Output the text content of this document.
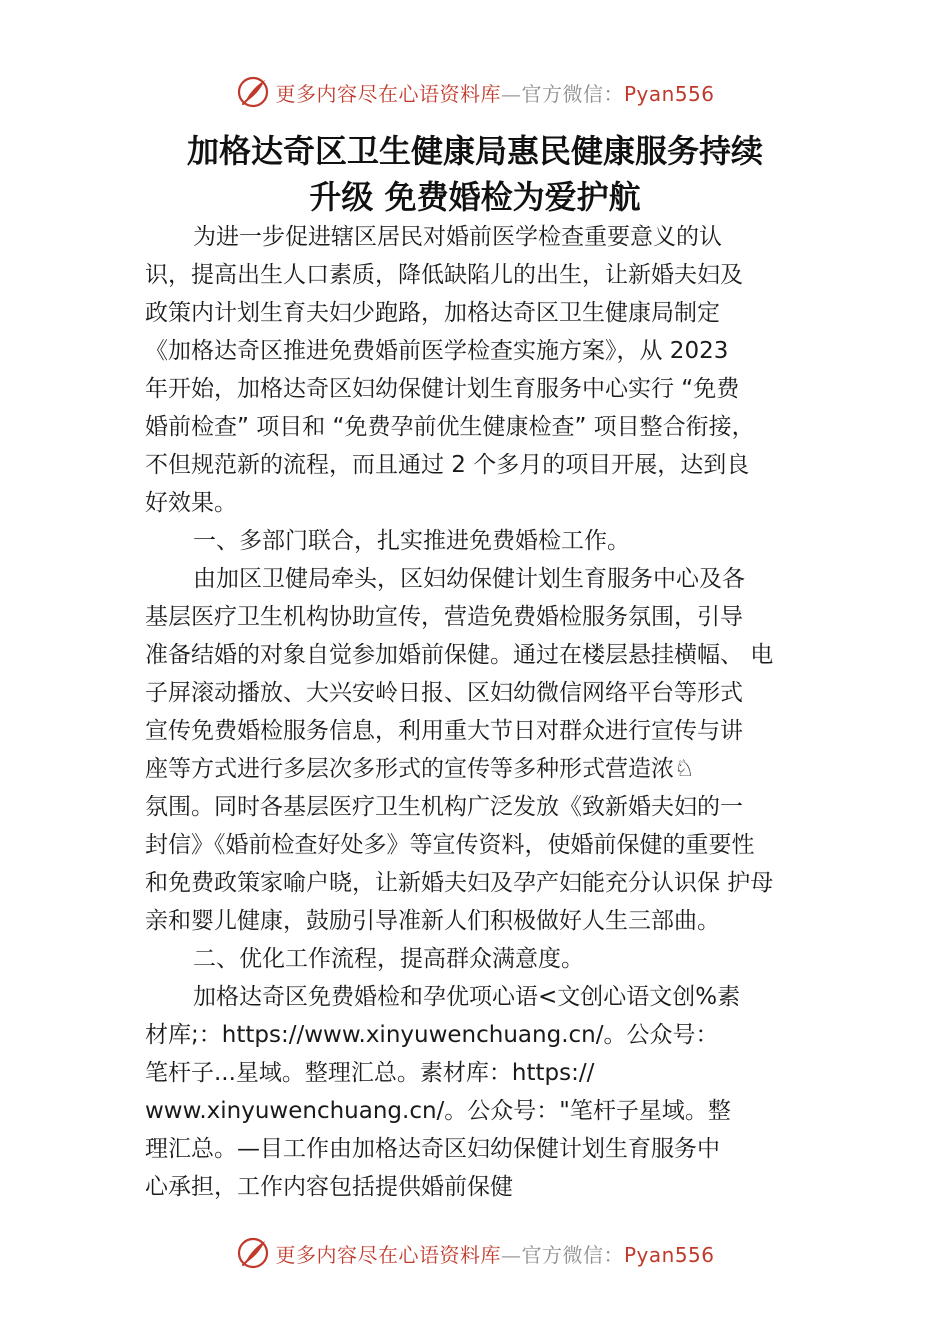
更多内容尽在心语资料库—官方微信：Pyan556
加格达奇区卫生健康局惠民健康服务持续
升级 免费婚检为爱护航
为进一步促进辖区居民对婚前医学检查重要意义的认
识，提高出生人口素质，降低缺陷儿的出生，让新婚夫妇及
政策内计划生育夫妇少跑路，加格达奇区卫生健康局制定
《加格达奇区推进免费婚前医学检查实施方案》，从 2023
年开始，加格达奇区妇幼保健计划生育服务中心实行 “免费
婚前检查” 项目和 “免费孕前优生健康检查” 项目整合衔接，
不但规范新的流程，而且通过 2 个多月的项目开展，达到良
好效果。
一、多部门联合，扎实推进免费婚检工作。
由加区卫健局牵头，区妇幼保健计划生育服务中心及各
基层医疗卫生机构协助宣传，营造免费婚检服务氛围，引导
准备结婚的对象自觉参加婚前保健。通过在楼层悬挂横幅、 电
子屏滚动播放、大兴安岭日报、区妇幼微信网络平台等形式
宣传免费婚检服务信息，利用重大节日对群众进行宣传与讲
座等方式进行多层次多形式的宣传等多种形式营造浓♘
氛围。同时各基层医疗卫生机构广泛发放《致新婚夫妇的一
封信》《婚前检查好处多》等宣传资料，使婚前保健的重要性
和免费政策家喻户晓，让新婚夫妇及孕产妇能充分认识保 护母
亲和婴儿健康，鼓励引导准新人们积极做好人生三部曲。
二、优化工作流程，提高群众满意度。
加格达奇区免费婚检和孕优项心语<文创心语文创%素
材库;：https://www.xinyuwenchuang.cn/。公众号：
笔杆子...星域。整理汇总。素材库：https://
www.xinyuwenchuang.cn/。公众号："笔杆子星域。整
理汇总。—目工作由加格达奇区妇幼保健计划生育服务中
心承担，工作内容包括提供婚前保健
更多内容尽在心语资料库—官方微信：Pyan556
